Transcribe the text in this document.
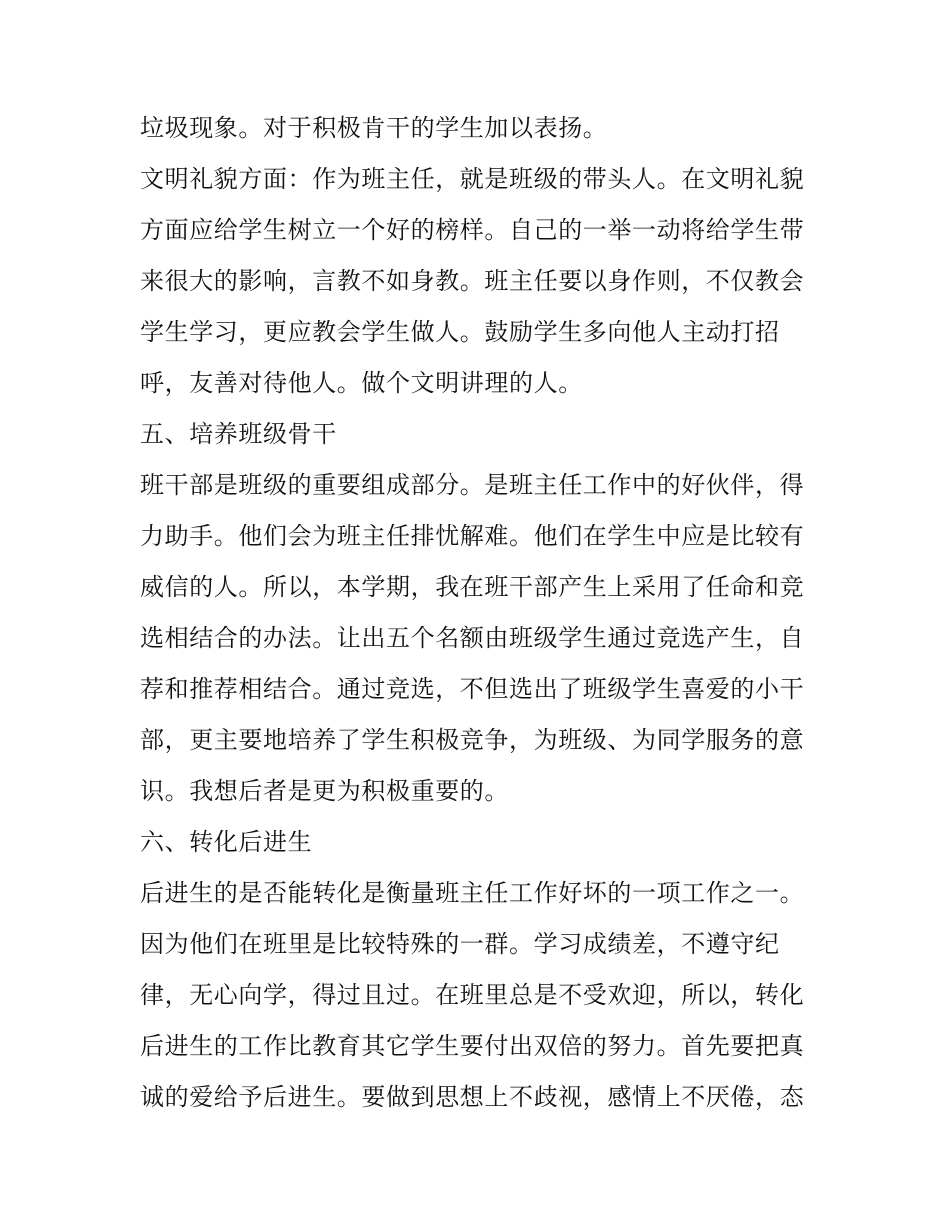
垃圾现象。对于积极肯干的学生加以表扬。
文明礼貌方面：作为班主任，就是班级的带头人。在文明礼貌
方面应给学生树立一个好的榜样。自己的一举一动将给学生带
来很大的影响，言教不如身教。班主任要以身作则，不仅教会
学生学习，更应教会学生做人。鼓励学生多向他人主动打招
呼，友善对待他人。做个文明讲理的人。
五、培养班级骨干
班干部是班级的重要组成部分。是班主任工作中的好伙伴，得
力助手。他们会为班主任排忧解难。他们在学生中应是比较有
威信的人。所以，本学期，我在班干部产生上采用了任命和竞
选相结合的办法。让出五个名额由班级学生通过竞选产生，自
荐和推荐相结合。通过竞选，不但选出了班级学生喜爱的小干
部，更主要地培养了学生积极竞争，为班级、为同学服务的意
识。我想后者是更为积极重要的。
六、转化后进生
后进生的是否能转化是衡量班主任工作好坏的一项工作之一。
因为他们在班里是比较特殊的一群。学习成绩差，不遵守纪
律，无心向学，得过且过。在班里总是不受欢迎，所以，转化
后进生的工作比教育其它学生要付出双倍的努力。首先要把真
诚的爱给予后进生。要做到思想上不歧视，感情上不厌倦，态
